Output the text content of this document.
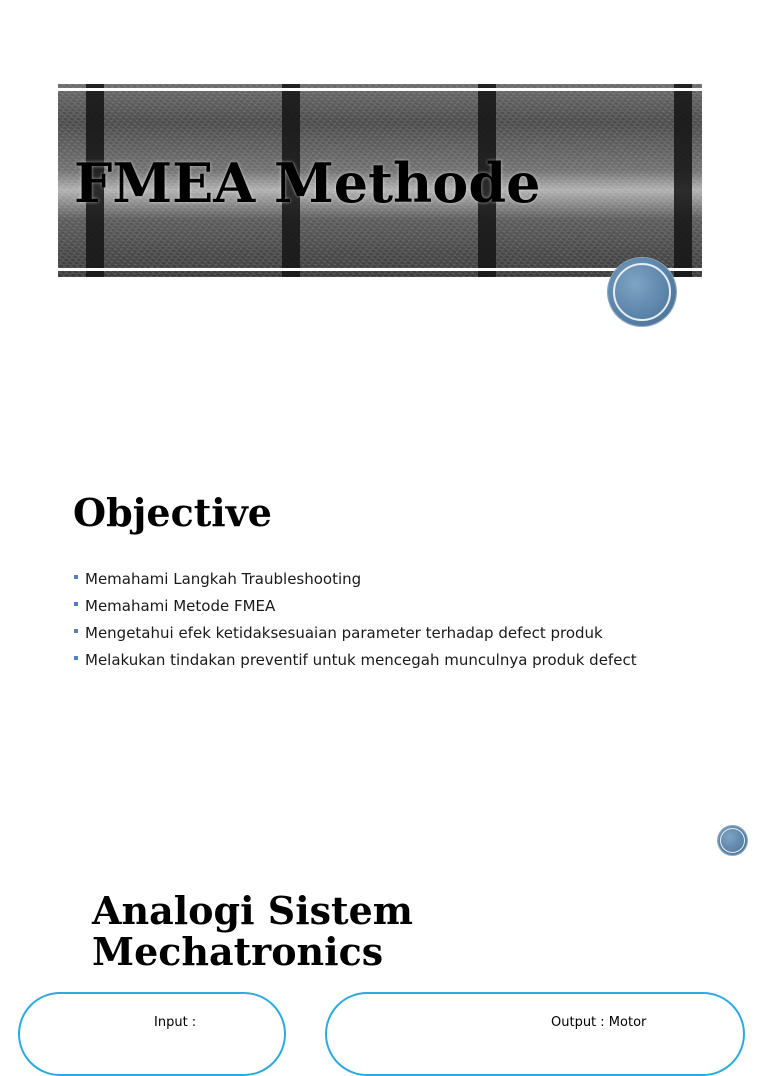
FMEA Methode
Objective
Memahami Langkah Traubleshooting
Memahami Metode FMEA
Mengetahui efek ketidaksesuaian parameter terhadap defect produk
Melakukan tindakan preventif untuk mencegah munculnya produk defect
Analogi Sistem
Mechatronics
Input :	Output : Motor
